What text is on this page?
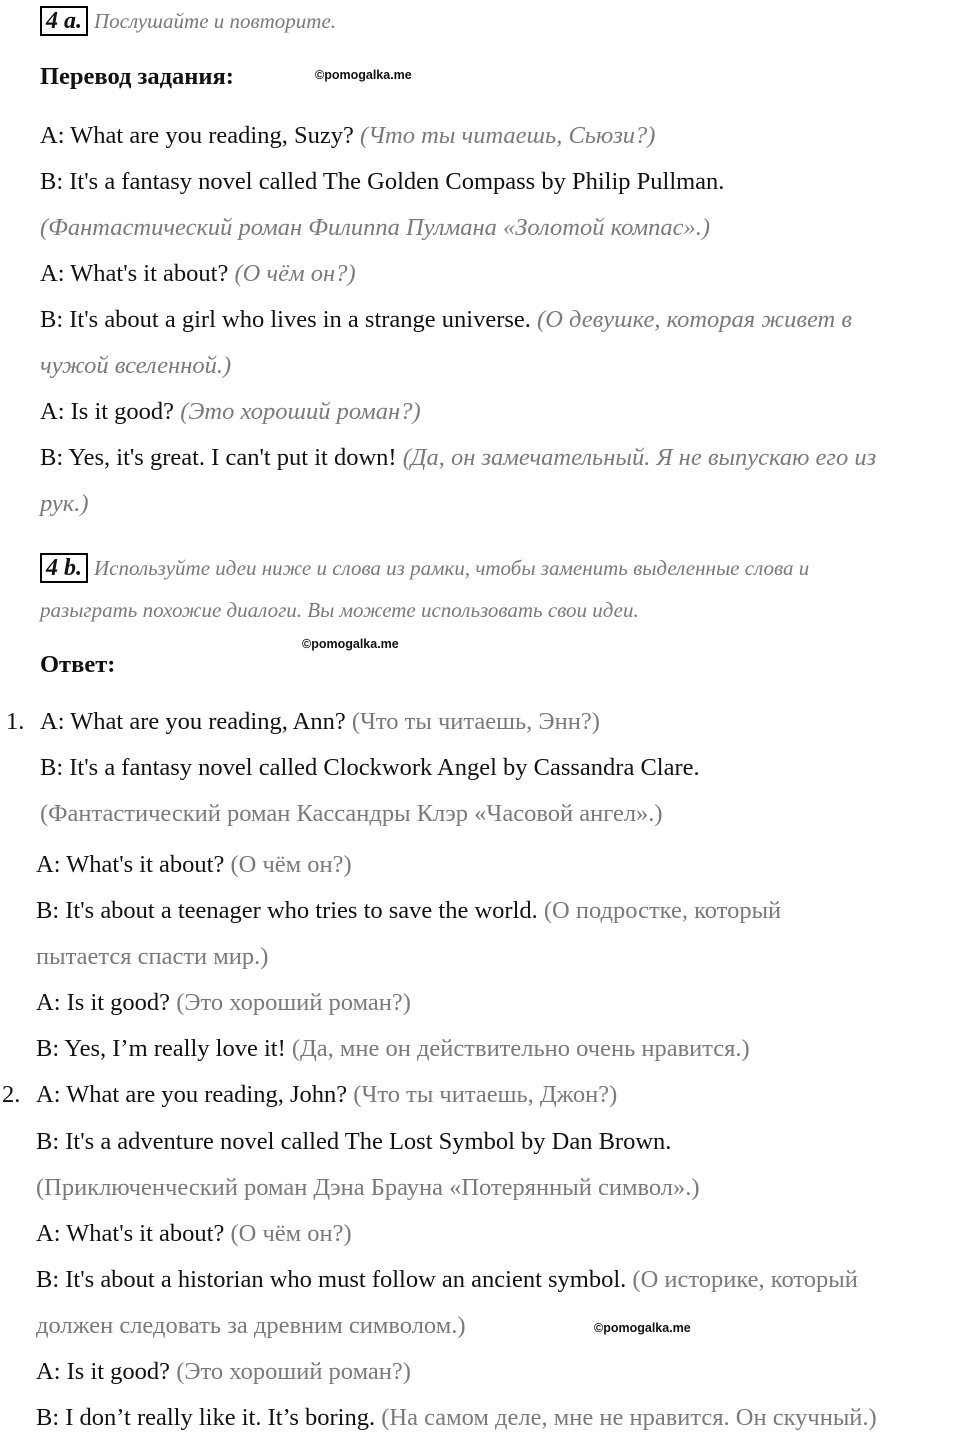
4 a. Послушайте и повторите.
Перевод задания:	©pomogalka.me
A: What are you reading, Suzy? (Что ты читаешь, Сьюзи?)
B: It's a fantasy novel called The Golden Compass by Philip Pullman.
(Фантастический роман Филиппа Пулмана «Золотой компас».)
A: What's it about? (О чём он?)
B: It's about a girl who lives in a strange universe. (О девушке, которая живет в
чужой вселенной.)
A: Is it good? (Это хороший роман?)
B: Yes, it's great. I can't put it down! (Да, он замечательный. Я не выпускаю его из
рук.)
4 b. Используйте идеи ниже и слова из рамки, чтобы заменить выделенные слова и
разыграть похожие диалоги. Вы можете использовать свои идеи.
©pomogalka.me
Ответ:
1. A: What are you reading, Ann? (Что ты читаешь, Энн?)
B: It's a fantasy novel called Clockwork Angel by Cassandra Clare.
(Фантастический роман Кассандры Клэр «Часовой ангел».)
A: What's it about? (О чём он?)
B: It's about a teenager who tries to save the world. (О подростке, который
пытается спасти мир.)
A: Is it good? (Это хороший роман?)
B: Yes, I’m really love it! (Да, мне он действительно очень нравится.)
2. A: What are you reading, John? (Что ты читаешь, Джон?)
B: It's a adventure novel called The Lost Symbol by Dan Brown.
(Приключенческий роман Дэна Брауна «Потерянный символ».)
A: What's it about? (О чём он?)
B: It's about a historian who must follow an ancient symbol. (О историке, который
должен следовать за древним символом.)	©pomogalka.me
A: Is it good? (Это хороший роман?)
B: I don’t really like it. It’s boring. (На самом деле, мне не нравится. Он скучный.)
